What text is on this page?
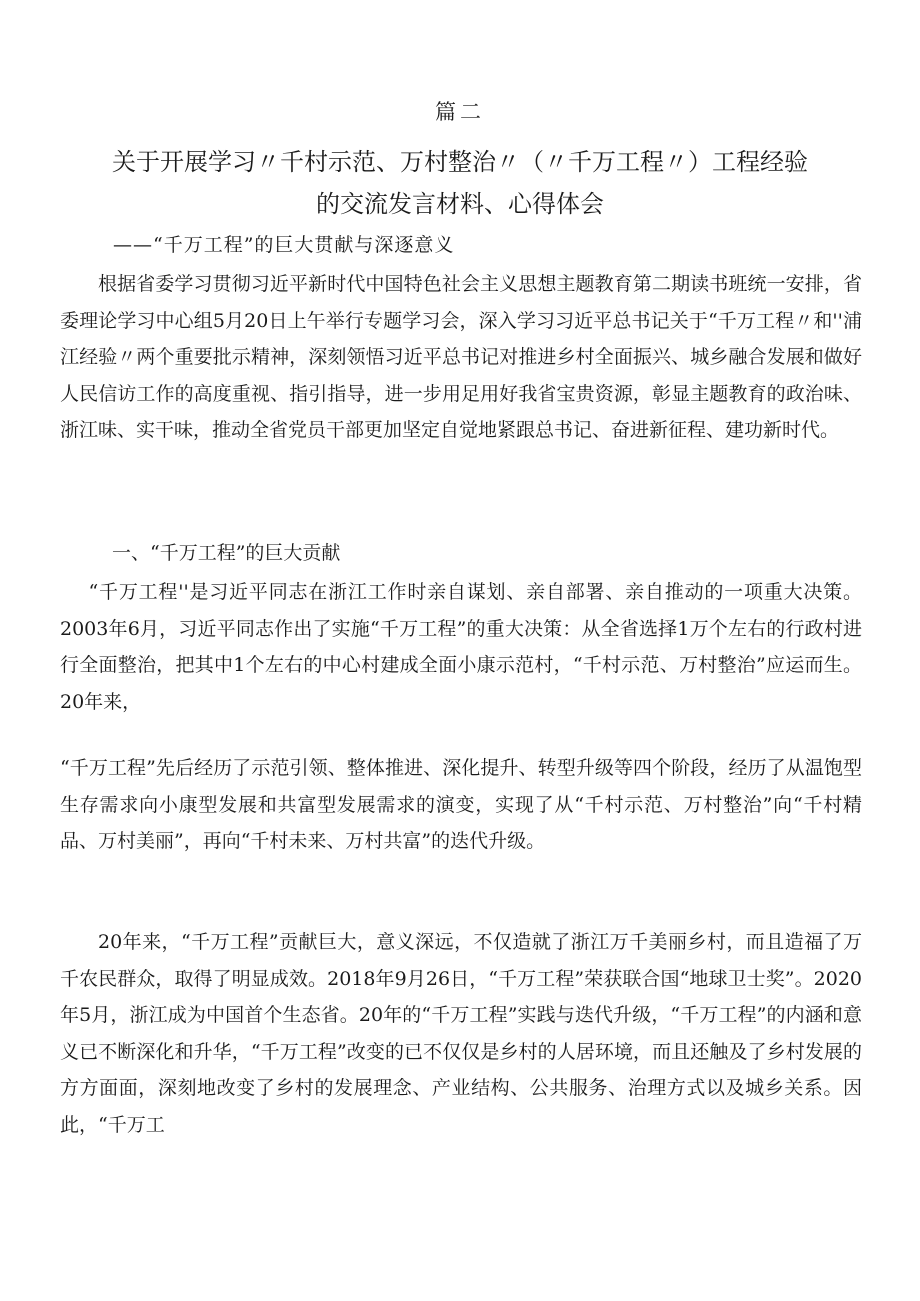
篇二
关于开展学习〃千村示范、万村整治〃（〃千万工程〃）工程经验
的交流发言材料、心得体会
——“千万工程”的巨大贯献与深逐意义

根据省委学习贯彻习近平新时代中国特色社会主义思想主题教育第二期读书班统一安排，省委理论学习中心组5月20日上午举行专题学习会，深入学习习近平总书记关于“千万工程〃和''浦江经验〃两个重要批示精神，深刻领悟习近平总书记对推进乡村全面振兴、城乡融合发展和做好人民信访工作的高度重视、指引指导，进一步用足用好我省宝贵资源，彰显主题教育的政治味、浙江味、实干味，推动全省党员干部更加坚定自觉地紧跟总书记、奋进新征程、建功新时代。

一、“千万工程”的巨大贡献

“千万工程''是习近平同志在浙江工作时亲自谋划、亲自部署、亲自推动的一项重大决策。2003年6月，习近平同志作出了实施“千万工程”的重大决策：从全省选择1万个左右的行政村进行全面整治，把其中1个左右的中心村建成全面小康示范村，“千村示范、万村整治”应运而生。20年来，

“千万工程”先后经历了示范引领、整体推进、深化提升、转型升级等四个阶段，经历了从温饱型生存需求向小康型发展和共富型发展需求的演变，实现了从“千村示范、万村整治”向“千村精品、万村美丽”，再向“千村未来、万村共富”的迭代升级。

20年来，“千万工程”贡献巨大，意义深远，不仅造就了浙江万千美丽乡村，而且造福了万千农民群众，取得了明显成效。2018年9月26日，“千万工程”荣获联合国“地球卫士奖”。2020年5月，浙江成为中国首个生态省。20年的“千万工程”实践与迭代升级，“千万工程”的内涵和意义已不断深化和升华，“千万工程”改变的已不仅仅是乡村的人居环境，而且还触及了乡村发展的方方面面，深刻地改变了乡村的发展理念、产业结构、公共服务、治理方式以及城乡关系。因此，“千万工
